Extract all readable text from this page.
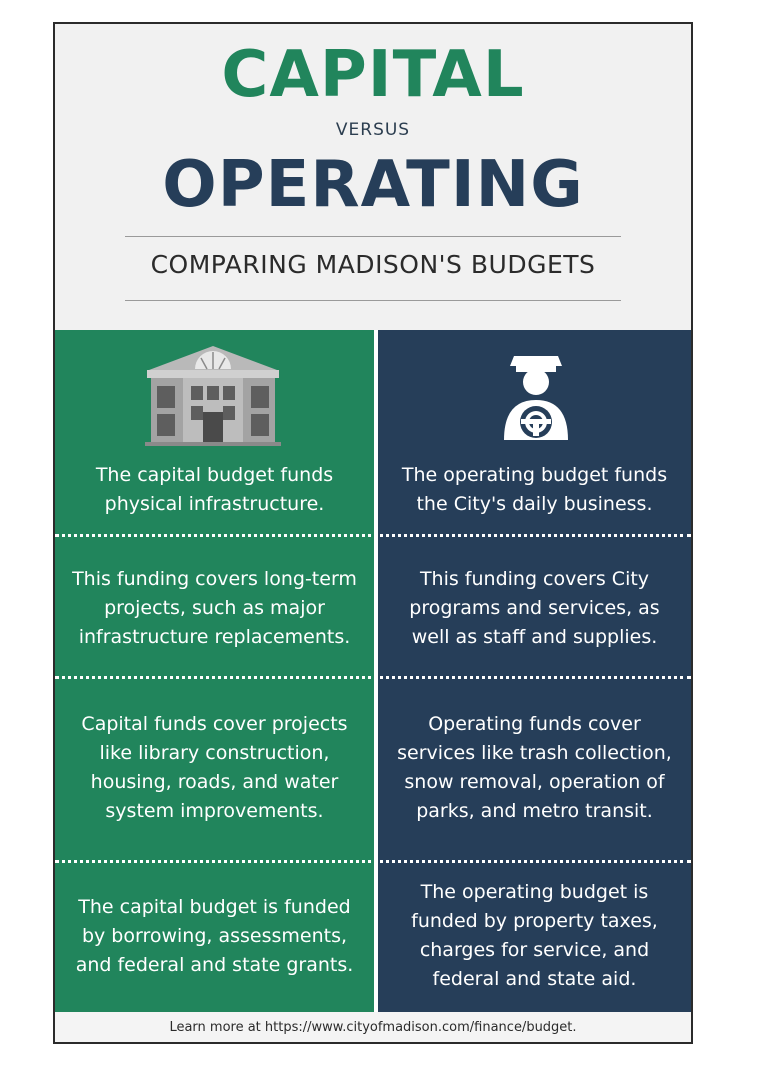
CAPITAL
VERSUS
OPERATING
COMPARING MADISON'S BUDGETS
The capital budget funds physical infrastructure.
This funding covers long-term projects, such as major infrastructure replacements.
Capital funds cover projects like library construction, housing, roads, and water system improvements.
The capital budget is funded by borrowing, assessments, and federal and state grants.
The operating budget funds the City's daily business.
This funding covers City programs and services, as well as staff and supplies.
Operating funds cover services like trash collection, snow removal, operation of parks, and metro transit.
The operating budget is funded by property taxes, charges for service, and federal and state aid.
Learn more at https://www.cityofmadison.com/finance/budget.
